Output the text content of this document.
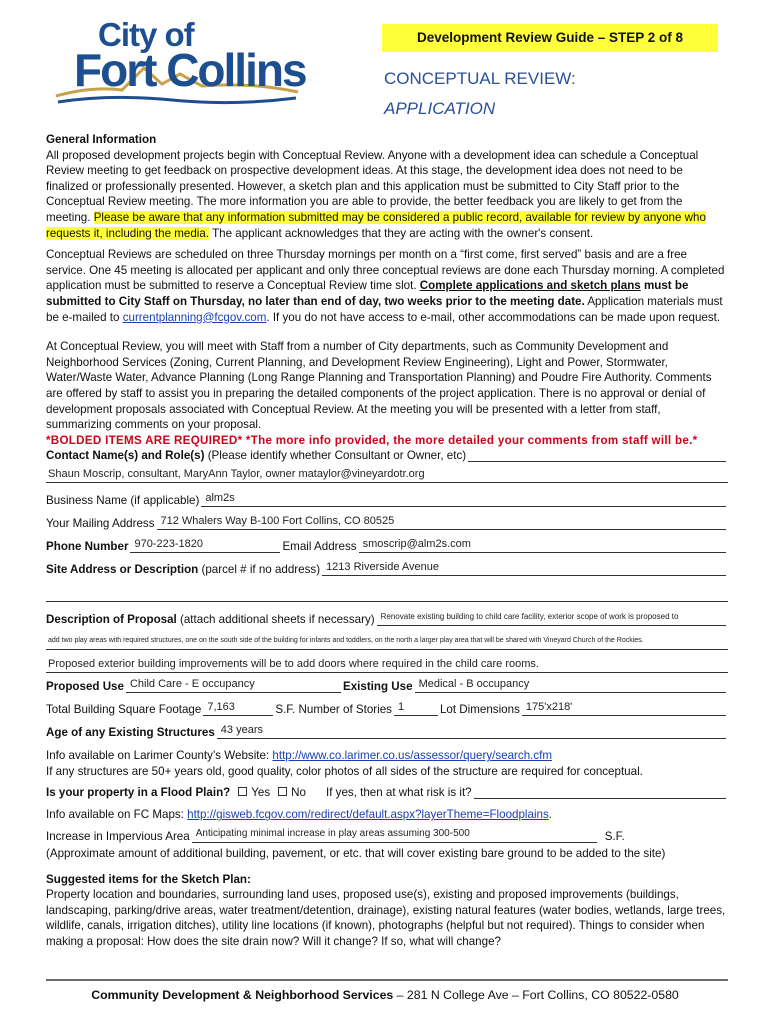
City of
Fort Collins
Development Review Guide – STEP 2 of 8
CONCEPTUAL REVIEW:
APPLICATION
General Information

All proposed development projects begin with Conceptual Review. Anyone with a development idea can schedule a Conceptual Review meeting to get feedback on prospective development ideas. At this stage, the development idea does not need to be finalized or professionally presented. However, a sketch plan and this application must be submitted to City Staff prior to the Conceptual Review meeting. The more information you are able to provide, the better feedback you are likely to get from the meeting. Please be aware that any information submitted may be considered a public record, available for review by anyone who requests it, including the media. The applicant acknowledges that they are acting with the owner's consent.

Conceptual Reviews are scheduled on three Thursday mornings per month on a “first come, first served” basis and are a free service. One 45 meeting is allocated per applicant and only three conceptual reviews are done each Thursday morning. A completed application must be submitted to reserve a Conceptual Review time slot. Complete applications and sketch plans must be submitted to City Staff on Thursday, no later than end of day, two weeks prior to the meeting date. Application materials must be e-mailed to currentplanning@fcgov.com. If you do not have access to e-mail, other accommodations can be made upon request.

At Conceptual Review, you will meet with Staff from a number of City departments, such as Community Development and Neighborhood Services (Zoning, Current Planning, and Development Review Engineering), Light and Power, Stormwater, Water/Waste Water, Advance Planning (Long Range Planning and Transportation Planning) and Poudre Fire Authority. Comments are offered by staff to assist you in preparing the detailed components of the project application. There is no approval or denial of development proposals associated with Conceptual Review. At the meeting you will be presented with a letter from staff, summarizing comments on your proposal.

*BOLDED ITEMS ARE REQUIRED* *The more info provided, the more detailed your comments from staff will be.*

Contact Name(s) and Role(s) (Please identify whether Consultant or Owner, etc)
Shaun Moscrip, consultant, MaryAnn Taylor, owner mataylor@vineyardotr.org
Business Name (if applicable) alm2s
Your Mailing Address 712 Whalers Way B-100 Fort Collins, CO 80525
Phone Number 970-223-1820	Email Address smoscrip@alm2s.com
Site Address or Description (parcel # if no address) 1213 Riverside Avenue
Description of Proposal (attach additional sheets if necessary) Renovate existing building to child care facility, exterior scope of work is proposed to
add two play areas with required structures, one on the south side of the building for infants and toddlers, on the north a larger play area that will be shared with Vineyard Church of the Rockies.
Proposed exterior building improvements will be to add doors where required in the child care rooms.
Proposed Use Child Care - E occupancy	Existing Use Medical - B occupancy
Total Building Square Footage 7,163	S.F. Number of Stories 1	Lot Dimensions 175'x218'
Age of any Existing Structures 43 years

Info available on Larimer County’s Website: http://www.co.larimer.co.us/assessor/query/search.cfm

If any structures are 50+ years old, good quality, color photos of all sides of the structure are required for conceptual.

Is your property in a Flood Plain?	Yes No If yes, then at what risk is it?

Info available on FC Maps: http://gisweb.fcgov.com/redirect/default.aspx?layerTheme=Floodplains.

Increase in Impervious Area Anticipating minimal increase in play areas assuming 300-500	S.F.

(Approximate amount of additional building, pavement, or etc. that will cover existing bare ground to be added to the site)

Suggested items for the Sketch Plan:

Property location and boundaries, surrounding land uses, proposed use(s), existing and proposed improvements (buildings, landscaping, parking/drive areas, water treatment/detention, drainage), existing natural features (water bodies, wetlands, large trees, wildlife, canals, irrigation ditches), utility line locations (if known), photographs (helpful but not required). Things to consider when making a proposal: How does the site drain now? Will it change? If so, what will change?

Community Development & Neighborhood Services – 281 N College Ave – Fort Collins, CO 80522-0580
